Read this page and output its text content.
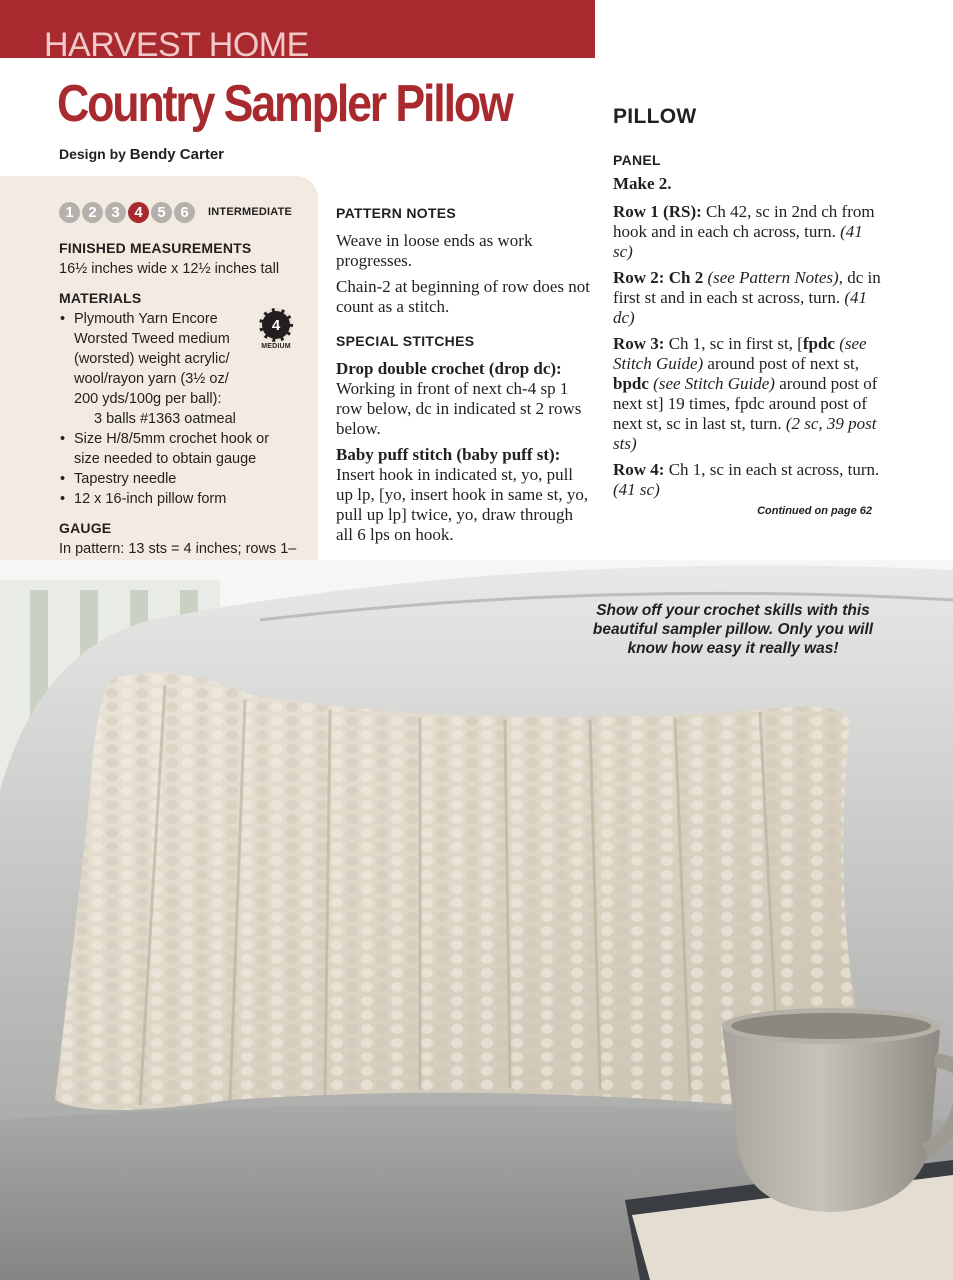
HARVEST HOME
Country Sampler Pillow
Design by Bendy Carter
1 2 3 4 5 6	INTERMEDIATE
FINISHED MEASUREMENTS
16½ inches wide x 12½ inches tall
MATERIALS
• Plymouth Yarn Encore
Worsted Tweed medium
(worsted) weight acrylic/
wool/rayon yarn (3½ oz/
200 yds/100g per ball):
3 balls #1363 oatmeal
• Size H/8/5mm crochet hook or
size needed to obtain gauge
• Tapestry needle
• 12 x 16-inch pillow form
GAUGE
In pattern: 13 sts = 4 inches; rows 1–
4
MEDIUM
PATTERN NOTES

Weave in loose ends as work progresses.

Chain-2 at beginning of row does not count as a stitch.

SPECIAL STITCHES

Drop double crochet (drop dc): Working in front of next ch-4 sp 1 row below, dc in indicated st 2 rows below.

Baby puff stitch (baby puff st): Insert hook in indicated st, yo, pull up lp, [yo, insert hook in same st, yo, pull up lp] twice, yo, draw through all 6 lps on hook.

PILLOW
PANEL

Make 2.

Row 1 (RS): Ch 42, sc in 2nd ch from hook and in each ch across, turn. (41 sc)

Row 2: Ch 2 (see Pattern Notes), dc in first st and in each st across, turn. (41 dc)

Row 3: Ch 1, sc in first st, [fpdc (see Stitch Guide) around post of next st, bpdc (see Stitch Guide) around post of next st] 19 times, fpdc around post of next st, sc in last st, turn. (2 sc, 39 post sts)

Row 4: Ch 1, sc in each st across, turn. (41 sc)

Continued on page 62
Show off your crochet skills with this beautiful sampler pillow. Only you will know how easy it really was!
